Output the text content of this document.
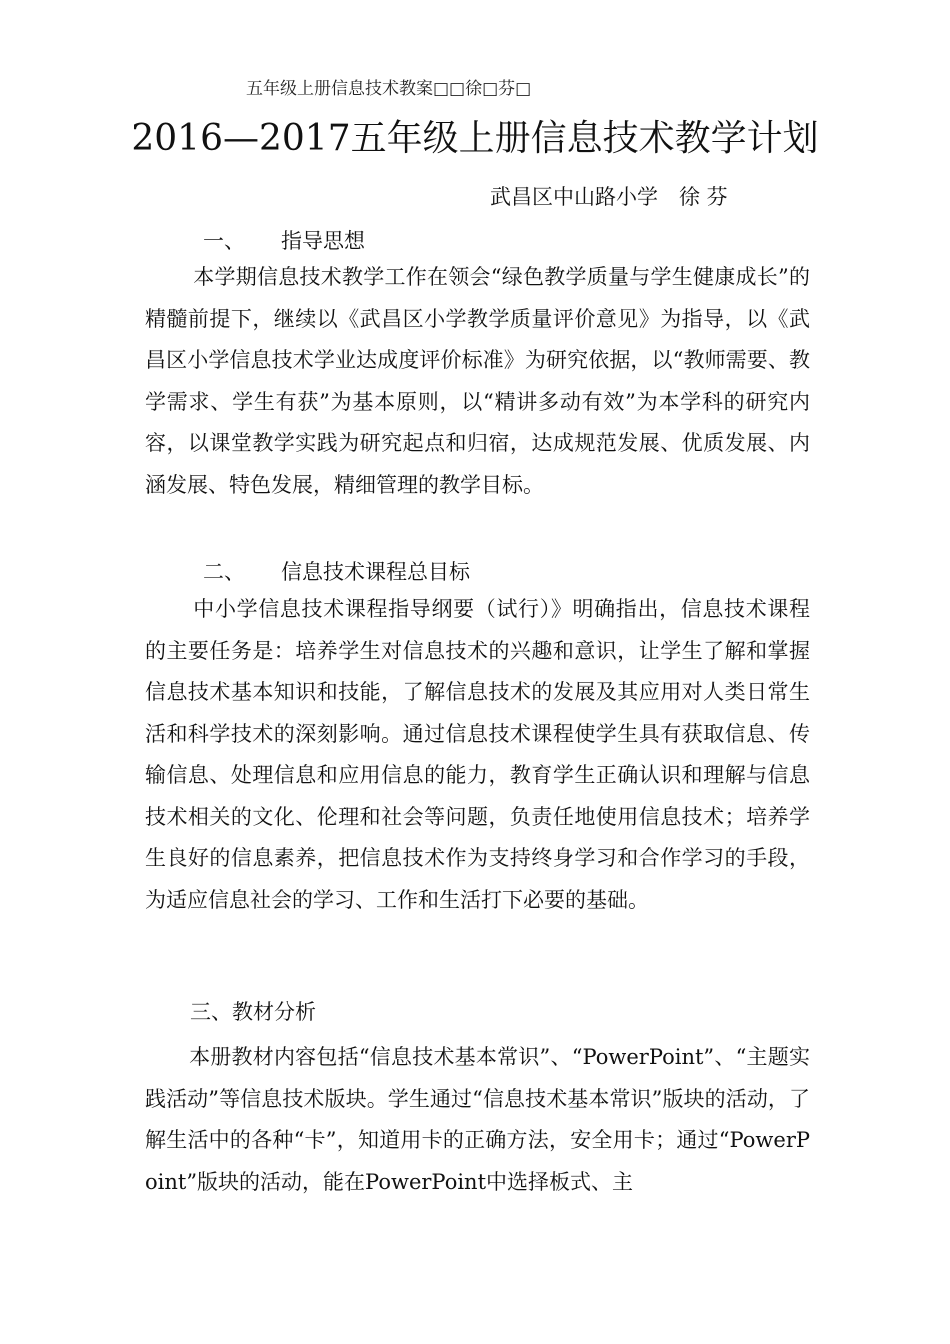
五年级上册信息技术教案□□徐□芬□
2016—2017五年级上册信息技术教学计划
武昌区中山路小学　徐 芬
一、 指导思想

本学期信息技术教学工作在领会“绿色教学质量与学生健康成长”的精髓前提下，继续以《武昌区小学教学质量评价意见》为指导，以《武昌区小学信息技术学业达成度评价标准》为研究依据，以“教师需要、教学需求、学生有获”为基本原则，以“精讲多动有效”为本学科的研究内容，以课堂教学实践为研究起点和归宿，达成规范发展、优质发展、内涵发展、特色发展，精细管理的教学目标。

二、 信息技术课程总目标

中小学信息技术课程指导纲要（试行）》明确指出，信息技术课程的主要任务是：培养学生对信息技术的兴趣和意识，让学生了解和掌握信息技术基本知识和技能，了解信息技术的发展及其应用对人类日常生活和科学技术的深刻影响。通过信息技术课程使学生具有获取信息、传输信息、处理信息和应用信息的能力，教育学生正确认识和理解与信息技术相关的文化、伦理和社会等问题，负责任地使用信息技术；培养学生良好的信息素养，把信息技术作为支持终身学习和合作学习的手段，为适应信息社会的学习、工作和生活打下必要的基础。

三、教材分析

本册教材内容包括“信息技术基本常识”、“PowerPoint”、“主题实践活动”等信息技术版块。学生通过“信息技术基本常识”版块的活动，了解生活中的各种“卡”，知道用卡的正确方法，安全用卡；通过“PowerPoint”版块的活动，能在PowerPoint中选择板式、主
